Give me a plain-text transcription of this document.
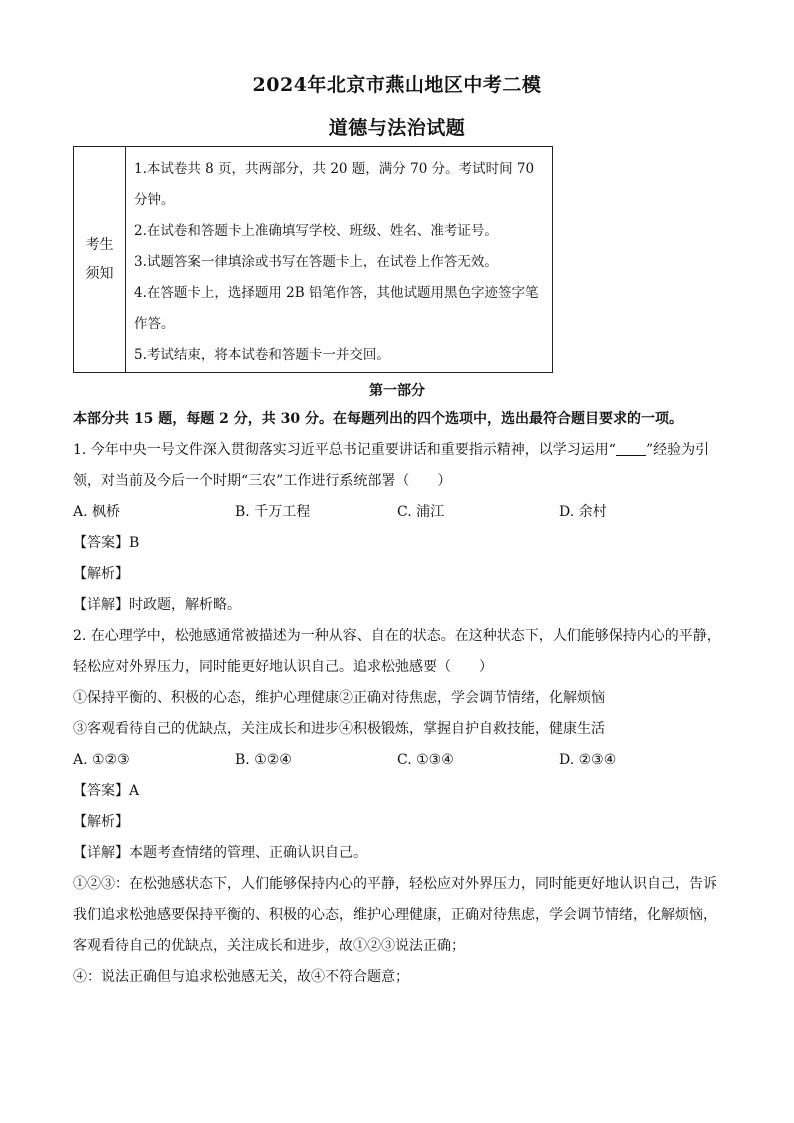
2024年北京市燕山地区中考二模
道德与法治试题
考生
须知
1.本试卷共 8 页，共两部分，共 20 题，满分 70 分。考试时间 70 分钟。
2.在试卷和答题卡上准确填写学校、班级、姓名、准考证号。
3.试题答案一律填涂或书写在答题卡上，在试卷上作答无效。
4.在答题卡上，选择题用 2B 铅笔作答，其他试题用黑色字迹签字笔作答。
5.考试结束，将本试卷和答题卡一并交回。
第一部分
本部分共 15 题，每题 2 分，共 30 分。在每题列出的四个选项中，选出最符合题目要求的一项。
1. 今年中央一号文件深入贯彻落实习近平总书记重要讲话和重要指示精神，以学习运用“ ”经验为引领，对当前及今后一个时期“三农”工作进行系统部署（　　）
A. 枫桥	B. 千万工程	C. 浦江	D. 余村
【答案】B
【解析】
【详解】时政题，解析略。
2. 在心理学中，松弛感通常被描述为一种从容、自在的状态。在这种状态下，人们能够保持内心的平静，轻松应对外界压力，同时能更好地认识自己。追求松弛感要（　　）
①保持平衡的、积极的心态，维护心理健康②正确对待焦虑，学会调节情绪，化解烦恼
③客观看待自己的优缺点，关注成长和进步④积极锻炼，掌握自护自救技能，健康生活
A. ①②③	B. ①②④	C. ①③④	D. ②③④
【答案】A
【解析】
【详解】本题考查情绪的管理、正确认识自己。
①②③：在松弛感状态下，人们能够保持内心的平静，轻松应对外界压力，同时能更好地认识自己，告诉我们追求松弛感要保持平衡的、积极的心态，维护心理健康，正确对待焦虑，学会调节情绪，化解烦恼，客观看待自己的优缺点，关注成长和进步，故①②③说法正确；
④：说法正确但与追求松弛感无关，故④不符合题意；
